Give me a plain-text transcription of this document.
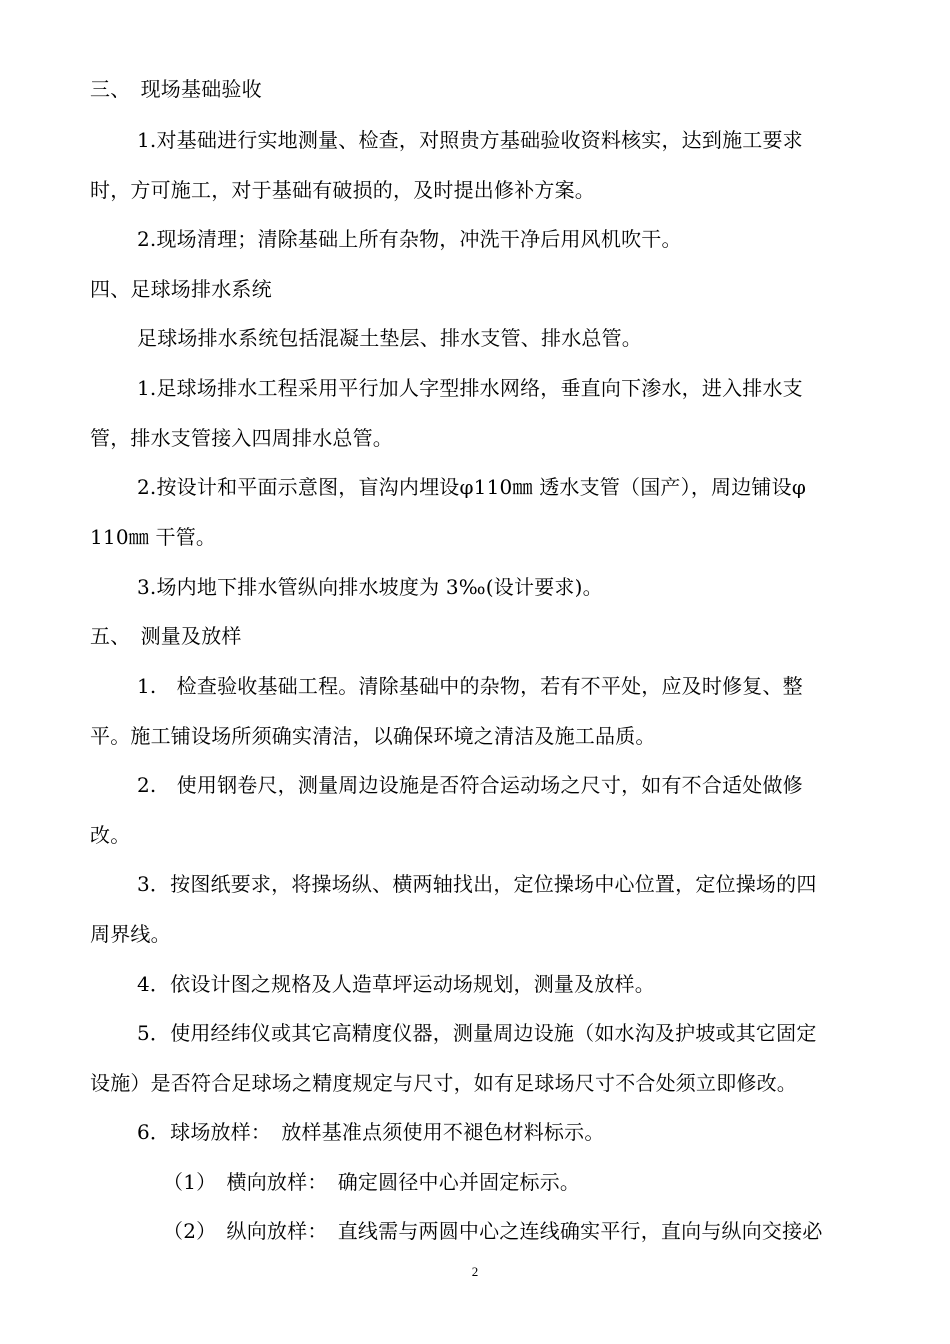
三、　现场基础验收
1.对基础进行实地测量、检查，对照贵方基础验收资料核实，达到施工要求
时，方可施工，对于基础有破损的，及时提出修补方案。
2.现场清理；清除基础上所有杂物，冲洗干净后用风机吹干。
四、足球场排水系统
足球场排水系统包括混凝土垫层、排水支管、排水总管。
1.足球场排水工程采用平行加人字型排水网络，垂直向下渗水，进入排水支
管，排水支管接入四周排水总管。
2.按设计和平面示意图，盲沟内埋设φ110㎜ 透水支管（国产），周边铺设φ
110㎜ 干管。
3.场内地下排水管纵向排水坡度为 3‰(设计要求)。
五、　测量及放样
1.　检查验收基础工程。清除基础中的杂物，若有不平处，应及时修复、整
平。施工铺设场所须确实清洁，以确保环境之清洁及施工品质。
2.　使用钢卷尺，测量周边设施是否符合运动场之尺寸，如有不合适处做修
改。
3．按图纸要求，将操场纵、横两轴找出，定位操场中心位置，定位操场的四
周界线。
4．依设计图之规格及人造草坪运动场规划，测量及放样。
5．使用经纬仪或其它高精度仪器，测量周边设施（如水沟及护坡或其它固定
设施）是否符合足球场之精度规定与尺寸，如有足球场尺寸不合处须立即修改。
6．球场放样：　放样基准点须使用不褪色材料标示。
（1）　横向放样：　确定圆径中心并固定标示。
（2）　纵向放样：　直线需与两圆中心之连线确实平行，直向与纵向交接必
2
